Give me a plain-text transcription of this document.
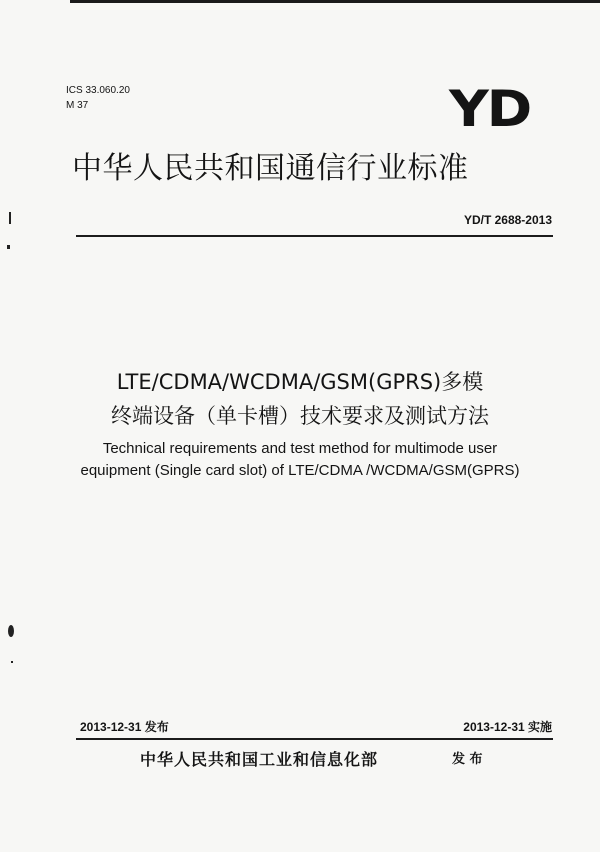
ICS 33.060.20
M 37	YD
中华人民共和国通信行业标准
YD/T 2688-2013
LTE/CDMA/WCDMA/GSM(GPRS)多模
终端设备（单卡槽）技术要求及测试方法
Technical requirements and test method for multimode user
equipment (Single card slot) of LTE/CDMA /WCDMA/GSM(GPRS)
2013-12-31 发布	2013-12-31 实施
中华人民共和国工业和信息化部	发 布
